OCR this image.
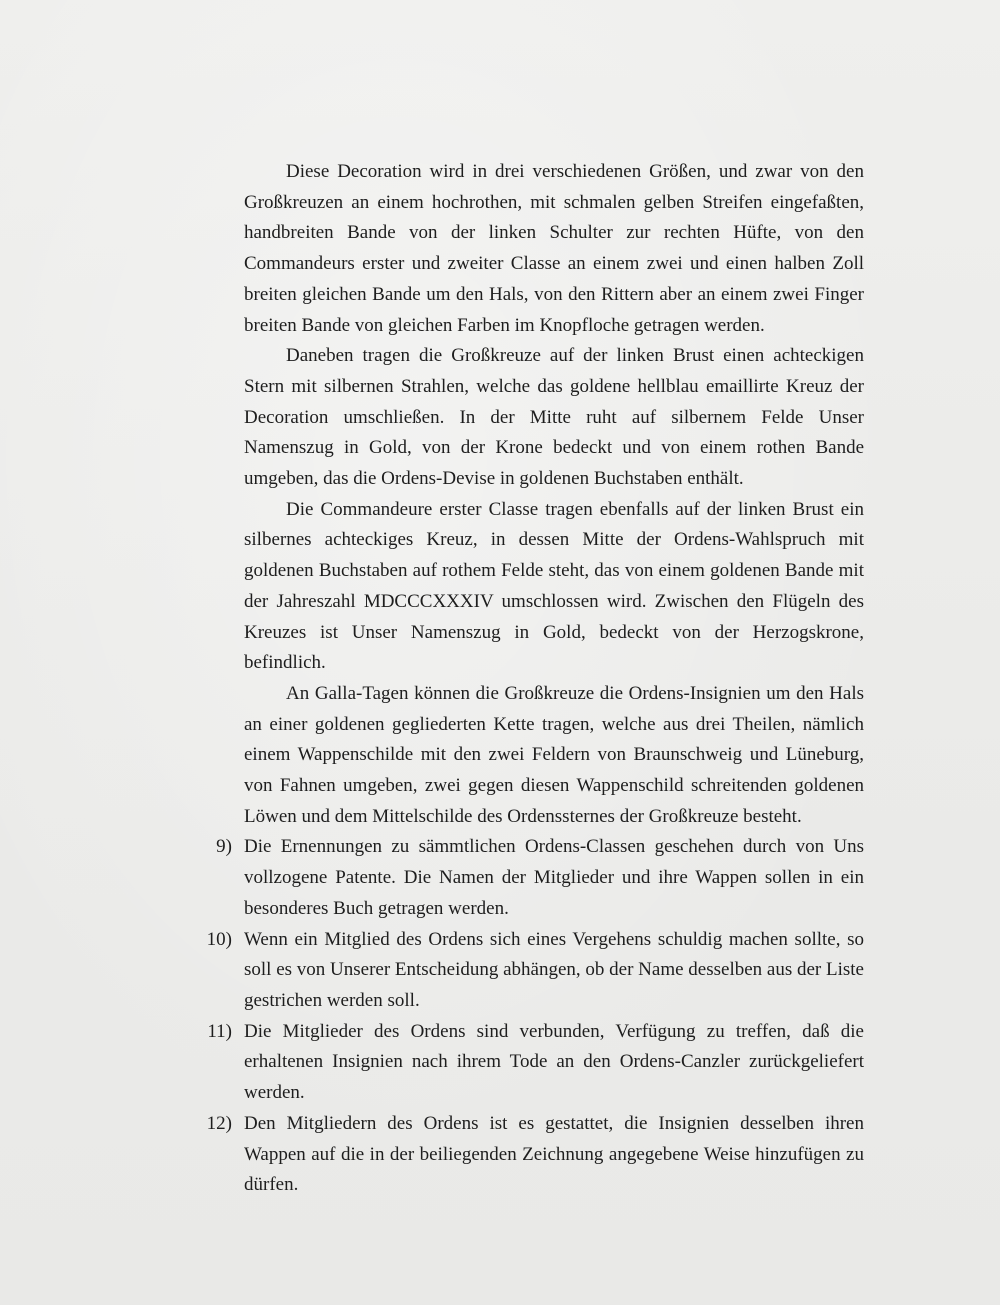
Diese Decoration wird in drei verschiedenen Größen, und zwar von den Großkreuzen an einem hochrothen, mit schmalen gelben Streifen eingefaßten, handbreiten Bande von der linken Schulter zur rechten Hüfte, von den Commandeurs erster und zweiter Classe an einem zwei und einen halben Zoll breiten gleichen Bande um den Hals, von den Rittern aber an einem zwei Finger breiten Bande von gleichen Farben im Knopfloche getragen werden.

Daneben tragen die Großkreuze auf der linken Brust einen achteckigen Stern mit silbernen Strahlen, welche das goldene hellblau emaillirte Kreuz der Decoration umschließen. In der Mitte ruht auf silbernem Felde Unser Namenszug in Gold, von der Krone bedeckt und von einem rothen Bande umgeben, das die Ordens-Devise in goldenen Buchstaben enthält.

Die Commandeure erster Classe tragen ebenfalls auf der linken Brust ein silbernes achteckiges Kreuz, in dessen Mitte der Ordens-Wahlspruch mit goldenen Buchstaben auf rothem Felde steht, das von einem goldenen Bande mit der Jahreszahl MDCCCXXXIV umschlossen wird. Zwischen den Flügeln des Kreuzes ist Unser Namenszug in Gold, bedeckt von der Herzogskrone, befindlich.

An Galla-Tagen können die Großkreuze die Ordens-Insignien um den Hals an einer goldenen gegliederten Kette tragen, welche aus drei Theilen, nämlich einem Wappenschilde mit den zwei Feldern von Braunschweig und Lüneburg, von Fahnen umgeben, zwei gegen diesen Wappenschild schreitenden goldenen Löwen und dem Mittelschilde des Ordenssternes der Großkreuze besteht.

9) Die Ernennungen zu sämmtlichen Ordens-Classen geschehen durch von Uns vollzogene Patente. Die Namen der Mitglieder und ihre Wappen sollen in ein besonderes Buch getragen werden.
10) Wenn ein Mitglied des Ordens sich eines Vergehens schuldig machen sollte, so soll es von Unserer Entscheidung abhängen, ob der Name desselben aus der Liste gestrichen werden soll.
11) Die Mitglieder des Ordens sind verbunden, Verfügung zu treffen, daß die erhaltenen Insignien nach ihrem Tode an den Ordens-Canzler zurückgeliefert werden.
12) Den Mitgliedern des Ordens ist es gestattet, die Insignien desselben ihren Wappen auf die in der beiliegenden Zeichnung angegebene Weise hinzufügen zu dürfen.
